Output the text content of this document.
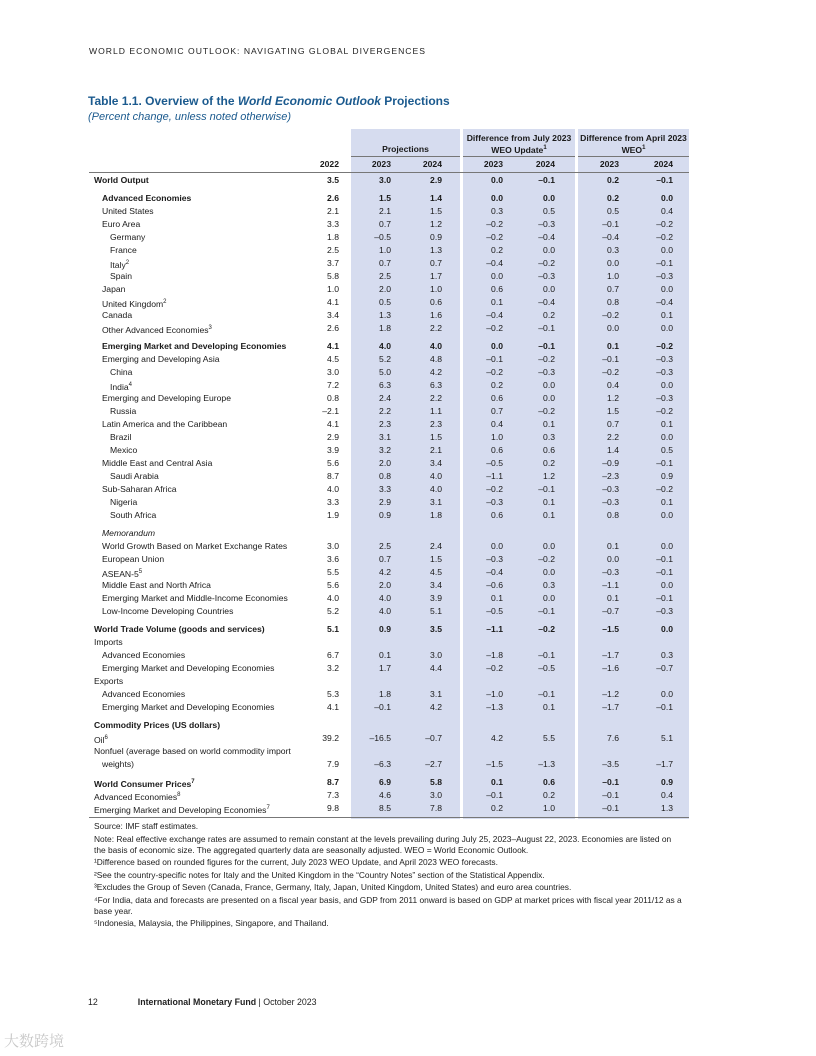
WORLD ECONOMIC OUTLOOK: NAVIGATING GLOBAL DIVERGENCES
Table 1.1. Overview of the World Economic Outlook Projections
(Percent change, unless noted otherwise)
Projections
Difference from July 2023 WEO Update$^1$
Difference from April 2023 WEO$^1$
2022	2023	2024	2023	2024	2023	2024
World Output	3.5	3.0	2.9	0.0	–0.1	0.2	–0.1
Advanced Economies	2.6	1.5	1.4	0.0	0.0	0.2	0.0
United States	2.1	2.1	1.5	0.3	0.5	0.5	0.4
Euro Area	3.3	0.7	1.2	–0.2	–0.3	–0.1	–0.2
Germany	1.8	–0.5	0.9	–0.2	–0.4	–0.4	–0.2
France	2.5	1.0	1.3	0.2	0.0	0.3	0.0
Italy$^2$	3.7	0.7	0.7	–0.4	–0.2	0.0	–0.1
Spain	5.8	2.5	1.7	0.0	–0.3	1.0	–0.3
Japan	1.0	2.0	1.0	0.6	0.0	0.7	0.0
United Kingdom$^2$	4.1	0.5	0.6	0.1	–0.4	0.8	–0.4
Canada	3.4	1.3	1.6	–0.4	0.2	–0.2	0.1
Other Advanced Economies$^3$	2.6	1.8	2.2	–0.2	–0.1	0.0	0.0
Emerging Market and Developing Economies	4.1	4.0	4.0	0.0	–0.1	0.1	–0.2
Emerging and Developing Asia	4.5	5.2	4.8	–0.1	–0.2	–0.1	–0.3
China	3.0	5.0	4.2	–0.2	–0.3	–0.2	–0.3
India$^4$	7.2	6.3	6.3	0.2	0.0	0.4	0.0
Emerging and Developing Europe	0.8	2.4	2.2	0.6	0.0	1.2	–0.3
Russia	–2.1	2.2	1.1	0.7	–0.2	1.5	–0.2
Latin America and the Caribbean	4.1	2.3	2.3	0.4	0.1	0.7	0.1
Brazil	2.9	3.1	1.5	1.0	0.3	2.2	0.0
Mexico	3.9	3.2	2.1	0.6	0.6	1.4	0.5
Middle East and Central Asia	5.6	2.0	3.4	–0.5	0.2	–0.9	–0.1
Saudi Arabia	8.7	0.8	4.0	–1.1	1.2	–2.3	0.9
Sub-Saharan Africa	4.0	3.3	4.0	–0.2	–0.1	–0.3	–0.2
Nigeria	3.3	2.9	3.1	–0.3	0.1	–0.3	0.1
South Africa	1.9	0.9	1.8	0.6	0.1	0.8	0.0
Memorandum
World Growth Based on Market Exchange Rates	3.0	2.5	2.4	0.0	0.0	0.1	0.0
European Union	3.6	0.7	1.5	–0.3	–0.2	0.0	–0.1
ASEAN-$5^5$	5.5	4.2	4.5	–0.4	0.0	–0.3	–0.1
Middle East and North Africa	5.6	2.0	3.4	–0.6	0.3	–1.1	0.0
Emerging Market and Middle-Income Economies	4.0	4.0	3.9	0.1	0.0	0.1	–0.1
Low-Income Developing Countries	5.2	4.0	5.1	–0.5	–0.1	–0.7	–0.3
World Trade Volume (goods and services)	5.1	0.9	3.5	–1.1	–0.2	–1.5	0.0
Imports
Advanced Economies	6.7	0.1	3.0	–1.8	–0.1	–1.7	0.3
Emerging Market and Developing Economies	3.2	1.7	4.4	–0.2	–0.5	–1.6	–0.7
Exports
Advanced Economies	5.3	1.8	3.1	–1.0	–0.1	–1.2	0.0
Emerging Market and Developing Economies	4.1	–0.1	4.2	–1.3	0.1	–1.7	–0.1
Commodity Prices (US dollars)
Oil$^6$	39.2	–16.5	–0.7	4.2	5.5	7.6	5.1
Nonfuel (average based on world commodity import
weights)	7.9	–6.3	–2.7	–1.5	–1.3	–3.5	–1.7
World Consumer Prices$^7$	8.7	6.9	5.8	0.1	0.6	–0.1	0.9
Advanced Economies$^8$	7.3	4.6	3.0	–0.1	0.2	–0.1	0.4
Emerging Market and Developing Economies$^7$	9.8	8.5	7.8	0.2	1.0	–0.1	1.3

Source: IMF staff estimates.

Note: Real effective exchange rates are assumed to remain constant at the levels prevailing during July 25, 2023–August 22, 2023. Economies are listed on the basis of economic size. The aggregated quarterly data are seasonally adjusted. WEO = World Economic Outlook.

¹Difference based on rounded figures for the current, July 2023 WEO Update, and April 2023 WEO forecasts.

²See the country-specific notes for Italy and the United Kingdom in the “Country Notes” section of the Statistical Appendix.

³Excludes the Group of Seven (Canada, France, Germany, Italy, Japan, United Kingdom, United States) and euro area countries.

⁴For India, data and forecasts are presented on a fiscal year basis, and GDP from 2011 onward is based on GDP at market prices with fiscal year 2011/12 as a base year.

⁵Indonesia, Malaysia, the Philippines, Singapore, and Thailand.

12	International Monetary Fund | October 2023
大数跨境
